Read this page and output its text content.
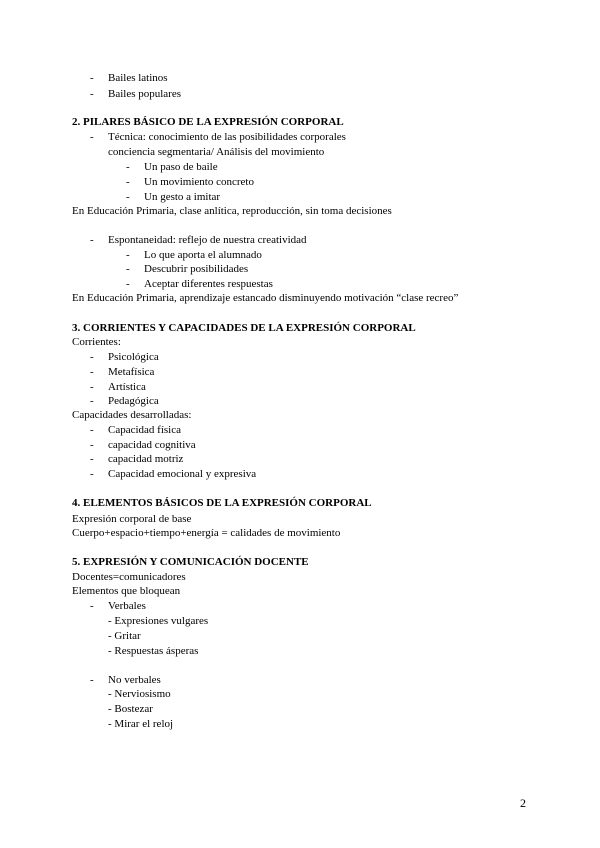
- Bailes latinos
- Bailes populares
2. PILARES BÁSICO DE LA EXPRESIÓN CORPORAL
- Técnica: conocimiento de las posibilidades corporales
conciencia segmentaria/ Análisis del movimiento
- Un paso de baile
- Un movimiento concreto
- Un gesto a imitar
En Educación Primaria, clase anlítica, reproducción, sin toma decisiones
- Espontaneidad: reflejo de nuestra creatividad
- Lo que aporta el alumnado
- Descubrir posibilidades
- Aceptar diferentes respuestas
En Educación Primaria, aprendizaje estancado disminuyendo motivación “clase recreo”
3. CORRIENTES Y CAPACIDADES DE LA EXPRESIÓN CORPORAL
Corrientes:
- Psicológica
- Metafísica
- Artística
- Pedagógica
Capacidades desarrolladas:
- Capacidad física
- capacidad cognitiva
- capacidad motriz
- Capacidad emocional y expresiva
4. ELEMENTOS BÁSICOS DE LA EXPRESIÓN CORPORAL
Expresión corporal de base
Cuerpo+espacio+tiempo+energía = calidades de movimiento
5. EXPRESIÓN Y COMUNICACIÓN DOCENTE
Docentes=comunicadores
Elementos que bloquean
- Verbales
- Expresiones vulgares
- Gritar
- Respuestas ásperas
- No verbales
- Nerviosismo
- Bostezar
- Mirar el reloj
2
